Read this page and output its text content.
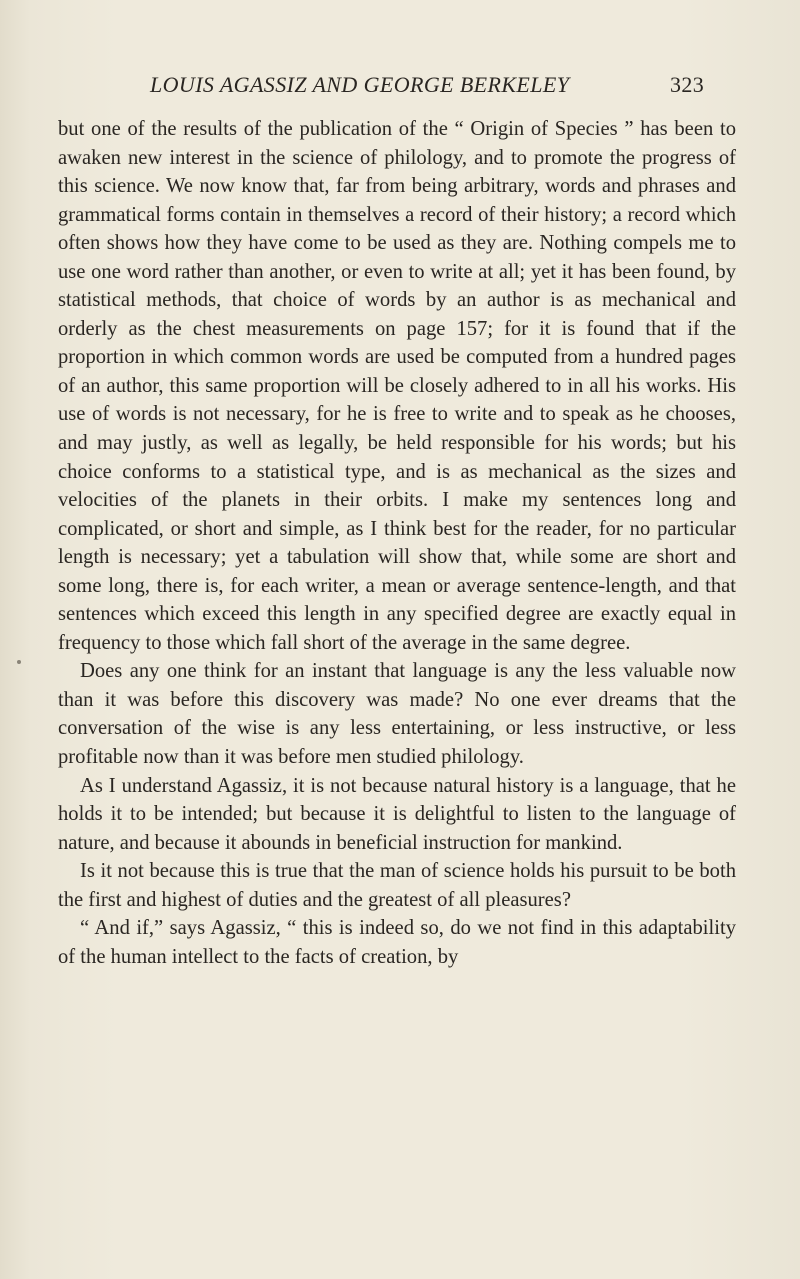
LOUIS AGASSIZ AND GEORGE BERKELEY	323

but one of the results of the publication of the “ Origin of Species ” has been to awaken new interest in the science of philology, and to promote the progress of this science. We now know that, far from being arbitrary, words and phrases and grammatical forms contain in themselves a record of their history; a record which often shows how they have come to be used as they are. Nothing compels me to use one word rather than another, or even to write at all; yet it has been found, by statistical methods, that choice of words by an author is as mechanical and orderly as the chest measurements on page 157; for it is found that if the proportion in which common words are used be computed from a hundred pages of an author, this same proportion will be closely adhered to in all his works. His use of words is not necessary, for he is free to write and to speak as he chooses, and may justly, as well as legally, be held responsible for his words; but his choice conforms to a statistical type, and is as mechanical as the sizes and velocities of the planets in their orbits. I make my sentences long and complicated, or short and simple, as I think best for the reader, for no particular length is necessary; yet a tabulation will show that, while some are short and some long, there is, for each writer, a mean or average sentence-length, and that sentences which exceed this length in any specified degree are exactly equal in frequency to those which fall short of the average in the same degree.

Does any one think for an instant that language is any the less valuable now than it was before this discovery was made? No one ever dreams that the conversation of the wise is any less entertaining, or less instructive, or less profitable now than it was before men studied philology.

As I understand Agassiz, it is not because natural history is a language, that he holds it to be intended; but because it is delightful to listen to the language of nature, and because it abounds in beneficial instruction for mankind.

Is it not because this is true that the man of science holds his pursuit to be both the first and highest of duties and the greatest of all pleasures?

“ And if,” says Agassiz, “ this is indeed so, do we not find in this adaptability of the human intellect to the facts of creation, by
